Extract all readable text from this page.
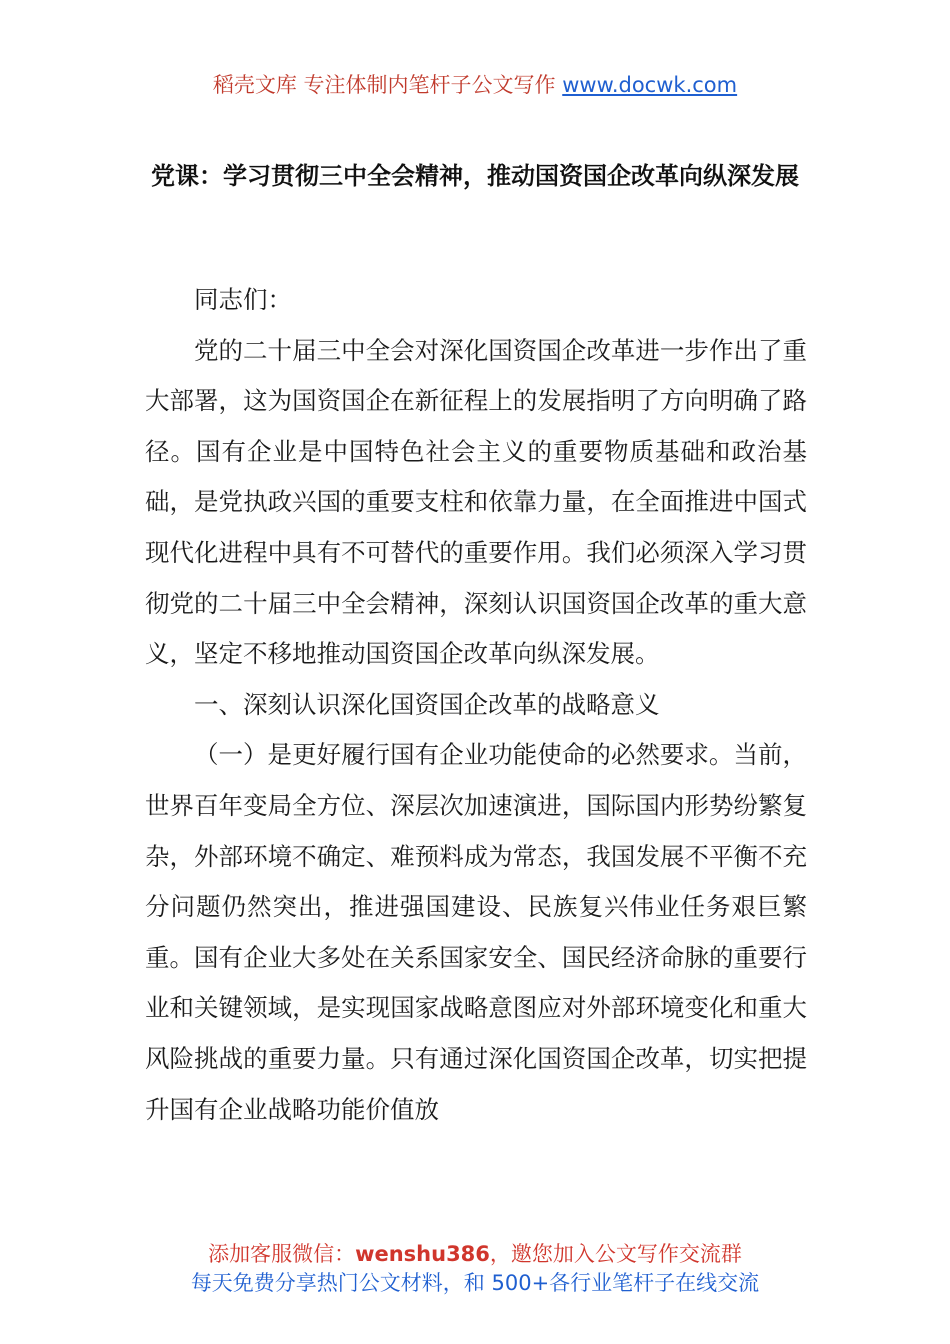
稻壳文库 专注体制内笔杆子公文写作 www.docwk.com
党课：学习贯彻三中全会精神，推动国资国企改革向纵深发展

同志们：

党的二十届三中全会对深化国资国企改革进一步作出了重大部署，这为国资国企在新征程上的发展指明了方向明确了路径。国有企业是中国特色社会主义的重要物质基础和政治基础，是党执政兴国的重要支柱和依靠力量，在全面推进中国式现代化进程中具有不可替代的重要作用。我们必须深入学习贯彻党的二十届三中全会精神，深刻认识国资国企改革的重大意义，坚定不移地推动国资国企改革向纵深发展。

一、深刻认识深化国资国企改革的战略意义

（一）是更好履行国有企业功能使命的必然要求。当前，世界百年变局全方位、深层次加速演进，国际国内形势纷繁复杂，外部环境不确定、难预料成为常态，我国发展不平衡不充分问题仍然突出，推进强国建设、民族复兴伟业任务艰巨繁重。国有企业大多处在关系国家安全、国民经济命脉的重要行业和关键领域，是实现国家战略意图应对外部环境变化和重大风险挑战的重要力量。只有通过深化国资国企改革，切实把提升国有企业战略功能价值放

添加客服微信：wenshu386，邀您加入公文写作交流群
每天免费分享热门公文材料，和 500+各行业笔杆子在线交流
